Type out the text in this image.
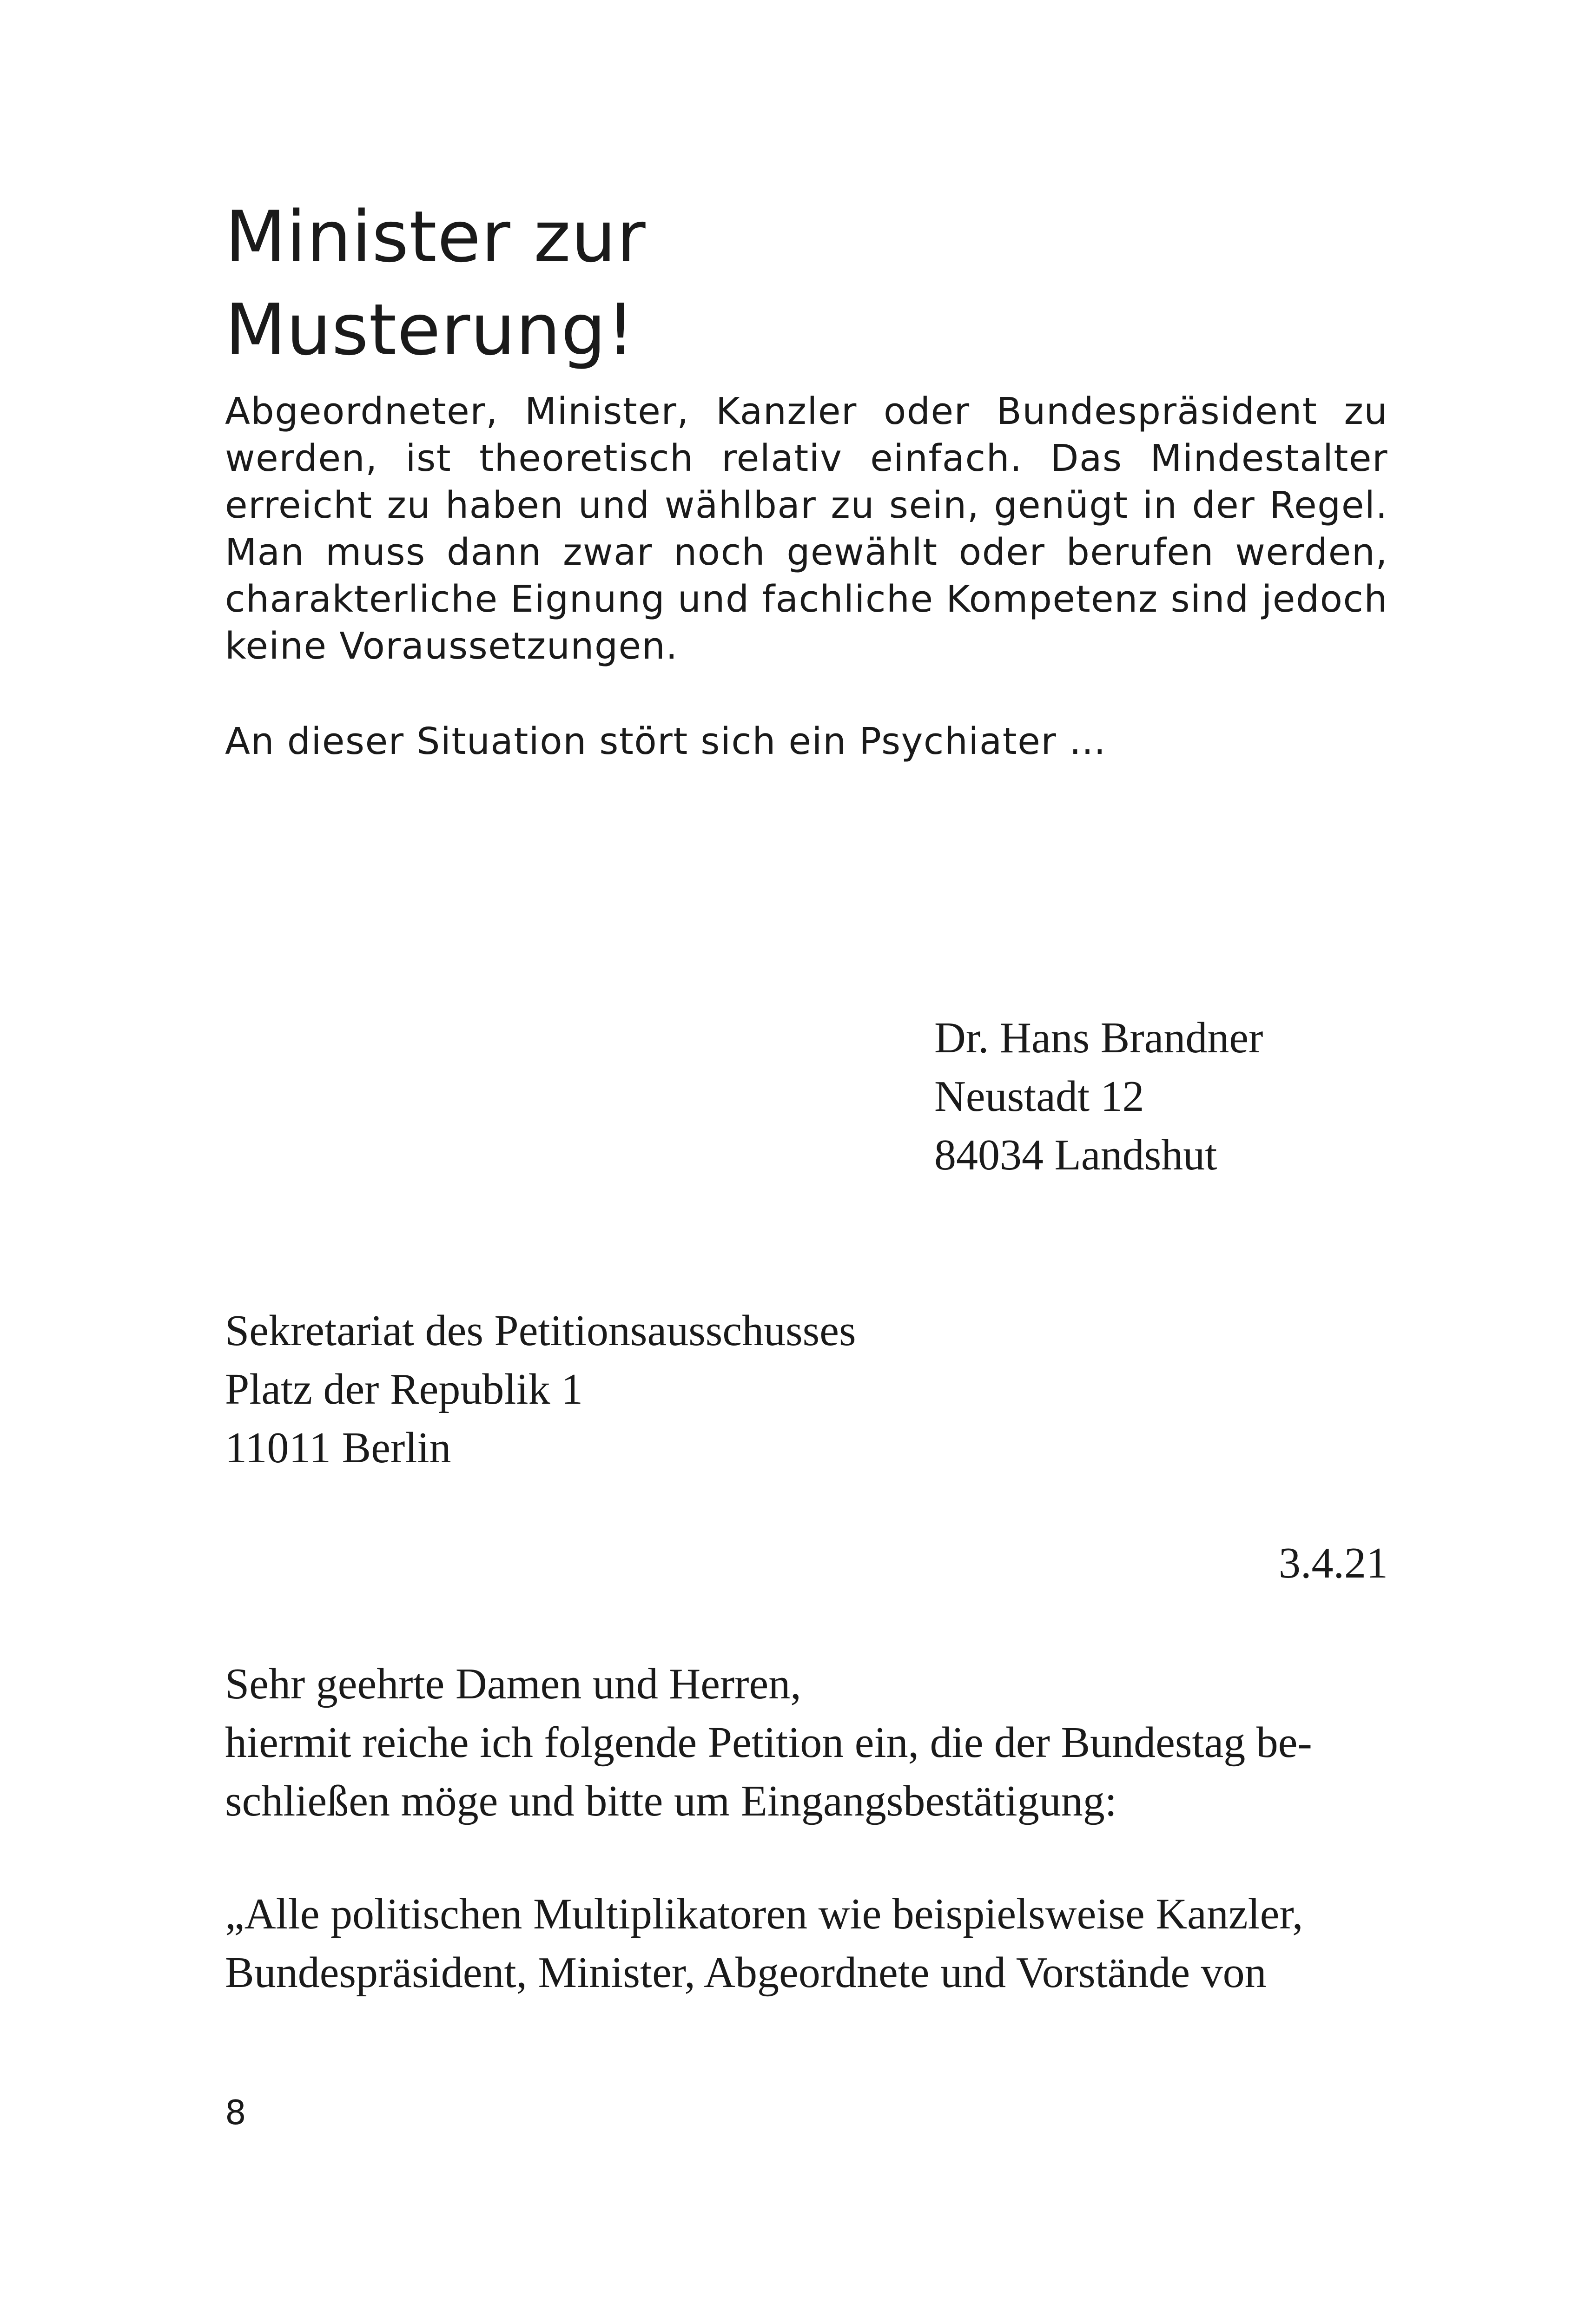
Minister zur
Musterung!

Abgeordneter, Minister, Kanzler oder Bundespräsident zu werden, ist theoretisch relativ einfach. Das Mindestalter erreicht zu haben und wählbar zu sein, genügt in der Regel. Man muss dann zwar noch gewählt oder berufen werden, charakterliche Eignung und fachliche Kompetenz sind jedoch keine Voraussetzungen.

An dieser Situation stört sich ein Psychiater …

Dr. Hans Brandner
Neustadt 12
84034 Landshut
Sekretariat des Petitionsausschusses
Platz der Republik 1
11011 Berlin

3.4.21

Sehr geehrte Damen und Herren,
hiermit reiche ich folgende Petition ein, die der Bundestag be-
schließen möge und bitte um Eingangsbestätigung:
„Alle politischen Multiplikatoren wie beispielsweise Kanzler,
Bundespräsident, Minister, Abgeordnete und Vorstände von

8
